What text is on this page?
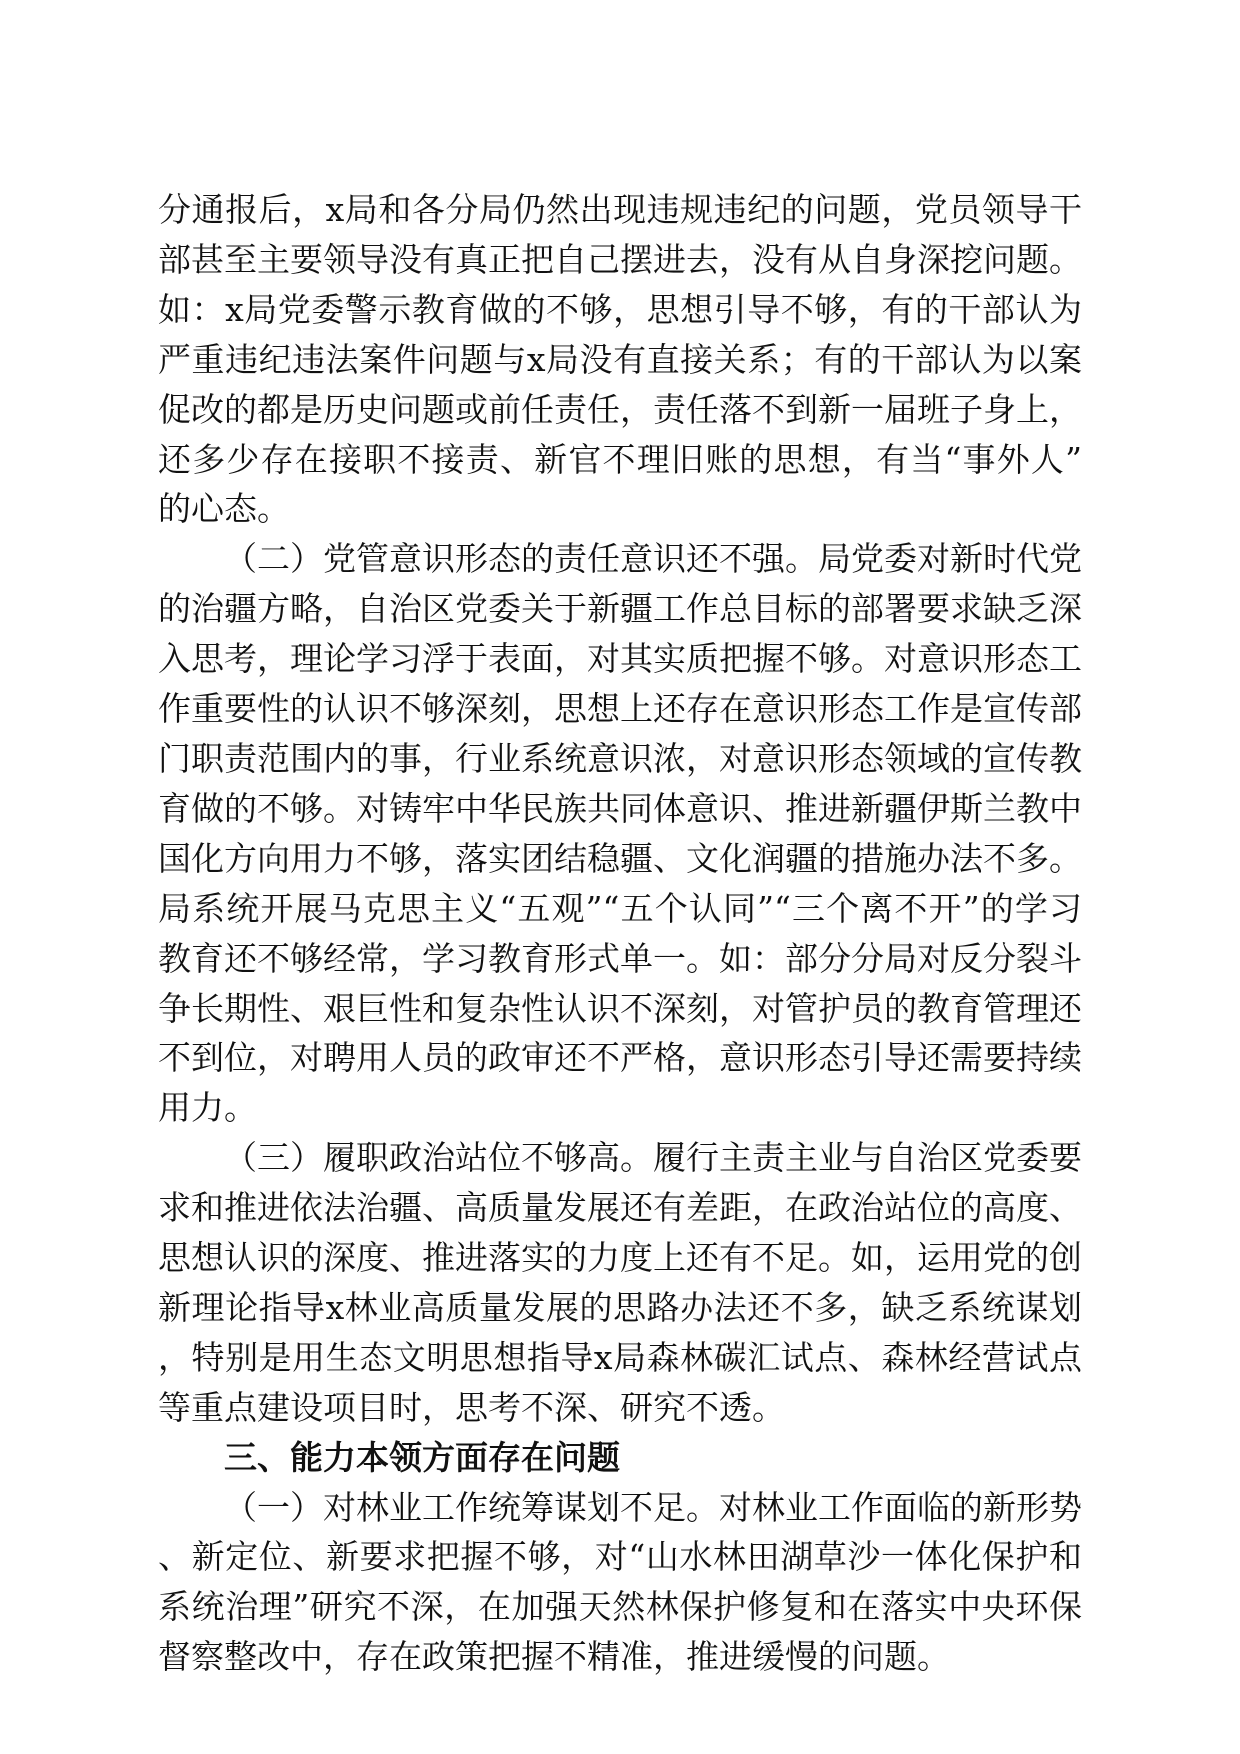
分通报后，x局和各分局仍然出现违规违纪的问题，党员领导干部甚至主要领导没有真正把自己摆进去，没有从自身深挖问题。如：x局党委警示教育做的不够，思想引导不够，有的干部认为严重违纪违法案件问题与x局没有直接关系；有的干部认为以案促改的都是历史问题或前任责任，责任落不到新一届班子身上，还多少存在接职不接责、新官不理旧账的思想，有当“事外人”的心态。

（二）党管意识形态的责任意识还不强。局党委对新时代党的治疆方略，自治区党委关于新疆工作总目标的部署要求缺乏深入思考，理论学习浮于表面，对其实质把握不够。对意识形态工作重要性的认识不够深刻，思想上还存在意识形态工作是宣传部门职责范围内的事，行业系统意识浓，对意识形态领域的宣传教育做的不够。对铸牢中华民族共同体意识、推进新疆伊斯兰教中国化方向用力不够，落实团结稳疆、文化润疆的措施办法不多。局系统开展马克思主义“五观”“五个认同”“三个离不开”的学习教育还不够经常，学习教育形式单一。如：部分分局对反分裂斗争长期性、艰巨性和复杂性认识不深刻，对管护员的教育管理还不到位，对聘用人员的政审还不严格，意识形态引导还需要持续用力。

（三）履职政治站位不够高。履行主责主业与自治区党委要求和推进依法治疆、高质量发展还有差距，在政治站位的高度、思想认识的深度、推进落实的力度上还有不足。如，运用党的创新理论指导x林业高质量发展的思路办法还不多，缺乏系统谋划，特别是用生态文明思想指导x局森林碳汇试点、森林经营试点等重点建设项目时，思考不深、研究不透。

三、能力本领方面存在问题

（一）对林业工作统筹谋划不足。对林业工作面临的新形势、新定位、新要求把握不够，对“山水林田湖草沙一体化保护和系统治理”研究不深，在加强天然林保护修复和在落实中央环保督察整改中，存在政策把握不精准，推进缓慢的问题。
